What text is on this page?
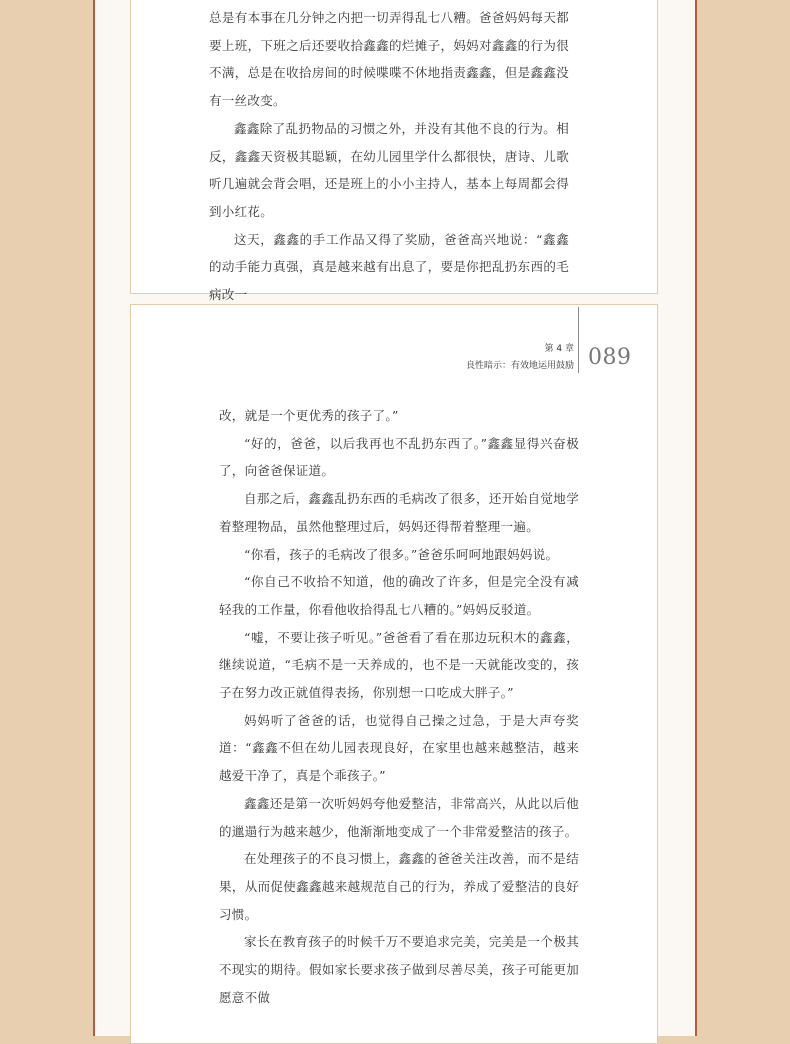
总是有本事在几分钟之内把一切弄得乱七八糟。爸爸妈妈每天都要上班，下班之后还要收拾鑫鑫的烂摊子，妈妈对鑫鑫的行为很不满，总是在收拾房间的时候喋喋不休地指责鑫鑫，但是鑫鑫没有一丝改变。

鑫鑫除了乱扔物品的习惯之外，并没有其他不良的行为。相反，鑫鑫天资极其聪颖，在幼儿园里学什么都很快，唐诗、儿歌听几遍就会背会唱，还是班上的小小主持人，基本上每周都会得到小红花。

这天，鑫鑫的手工作品又得了奖励，爸爸高兴地说：“鑫鑫的动手能力真强，真是越来越有出息了，要是你把乱扔东西的毛病改一

第 4 章
良性暗示：有效地运用鼓励 089

改，就是一个更优秀的孩子了。”

“好的，爸爸，以后我再也不乱扔东西了。”鑫鑫显得兴奋极了，向爸爸保证道。

自那之后，鑫鑫乱扔东西的毛病改了很多，还开始自觉地学着整理物品，虽然他整理过后，妈妈还得帮着整理一遍。

“你看，孩子的毛病改了很多。”爸爸乐呵呵地跟妈妈说。

“你自己不收拾不知道，他的确改了许多，但是完全没有减轻我的工作量，你看他收拾得乱七八糟的。”妈妈反驳道。

“嘘，不要让孩子听见。”爸爸看了看在那边玩积木的鑫鑫，继续说道，“毛病不是一天养成的，也不是一天就能改变的，孩子在努力改正就值得表扬，你别想一口吃成大胖子。”

妈妈听了爸爸的话，也觉得自己操之过急，于是大声夸奖道：“鑫鑫不但在幼儿园表现良好，在家里也越来越整洁，越来越爱干净了，真是个乖孩子。”

鑫鑫还是第一次听妈妈夸他爱整洁，非常高兴，从此以后他的邋遢行为越来越少，他渐渐地变成了一个非常爱整洁的孩子。

在处理孩子的不良习惯上，鑫鑫的爸爸关注改善，而不是结果，从而促使鑫鑫越来越规范自己的行为，养成了爱整洁的良好习惯。

家长在教育孩子的时候千万不要追求完美，完美是一个极其不现实的期待。假如家长要求孩子做到尽善尽美，孩子可能更加愿意不做
